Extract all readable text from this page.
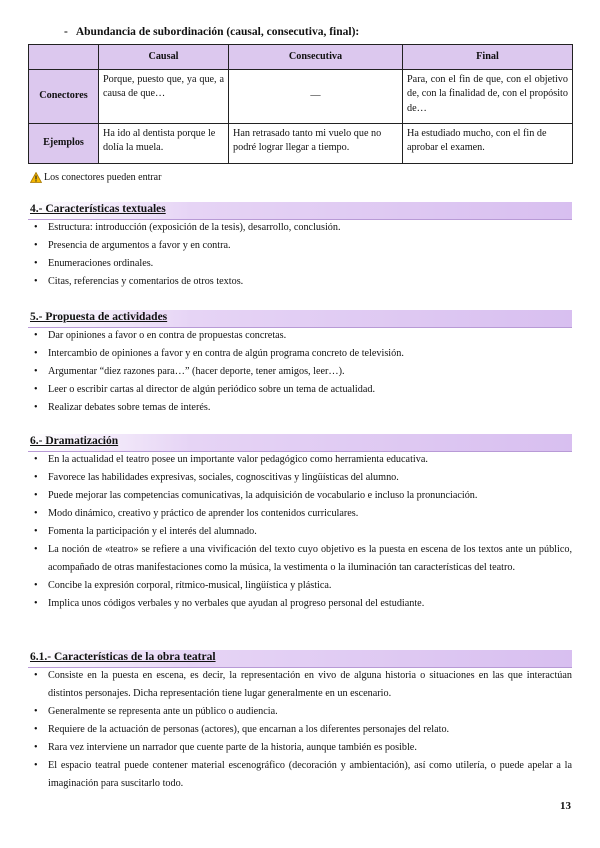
- Abundancia de subordinación (causal, consecutiva, final):
	Causal	Consecutiva	Final
Conectores	Porque, puesto que, ya que, a causa de que…	—	Para, con el fin de que, con el objetivo de, con la finalidad de, con el propósito de…
Ejemplos	Ha ido al dentista porque le dolía la muela.	Han retrasado tanto mi vuelo que no podré lograr llegar a tiempo.	Ha estudiado mucho, con el fin de aprobar el examen.
Los conectores pueden entrar
4.- Características textuales
• Estructura: introducción (exposición de la tesis), desarrollo, conclusión.
• Presencia de argumentos a favor y en contra.
• Enumeraciones ordinales.
• Citas, referencias y comentarios de otros textos.
5.- Propuesta de actividades
• Dar opiniones a favor o en contra de propuestas concretas.
• Intercambio de opiniones a favor y en contra de algún programa concreto de televisión.
• Argumentar “diez razones para…” (hacer deporte, tener amigos, leer…).
• Leer o escribir cartas al director de algún periódico sobre un tema de actualidad.
• Realizar debates sobre temas de interés.
6.- Dramatización
• En la actualidad el teatro posee un importante valor pedagógico como herramienta educativa.
• Favorece las habilidades expresivas, sociales, cognoscitivas y lingüísticas del alumno.
• Puede mejorar las competencias comunicativas, la adquisición de vocabulario e incluso la pronunciación.
• Modo dinámico, creativo y práctico de aprender los contenidos curriculares.
• Fomenta la participación y el interés del alumnado.
• La noción de «teatro» se refiere a una vivificación del texto cuyo objetivo es la puesta en escena de los textos ante un público, acompañado de otras manifestaciones como la música, la vestimenta o la iluminación tan características del teatro.
• Concibe la expresión corporal, rítmico-musical, lingüística y plástica.
• Implica unos códigos verbales y no verbales que ayudan al progreso personal del estudiante.
6.1.- Características de la obra teatral
• Consiste en la puesta en escena, es decir, la representación en vivo de alguna historia o situaciones en las que interactúan distintos personajes. Dicha representación tiene lugar generalmente en un escenario.
• Generalmente se representa ante un público o audiencia.
• Requiere de la actuación de personas (actores), que encarnan a los diferentes personajes del relato.
• Rara vez interviene un narrador que cuente parte de la historia, aunque también es posible.
• El espacio teatral puede contener material escenográfico (decoración y ambientación), así como utilería, o puede apelar a la imaginación para suscitarlo todo.
13
